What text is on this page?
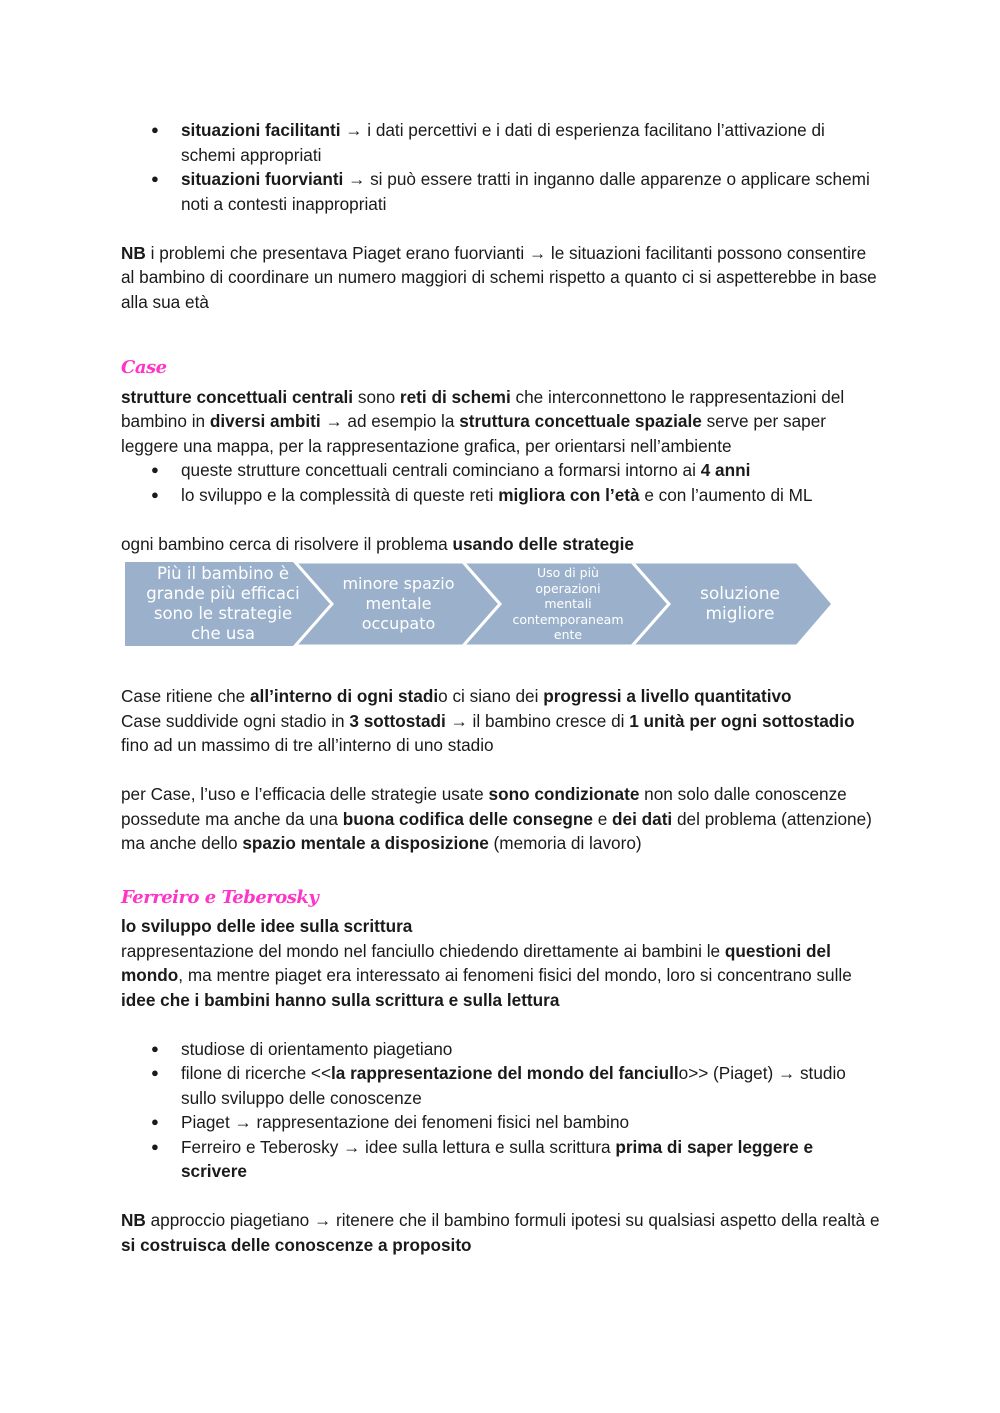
● situazioni facilitanti → i dati percettivi e i dati di esperienza facilitano l’attivazione di schemi appropriati
● situazioni fuorvianti → si può essere tratti in inganno dalle apparenze o applicare schemi noti a contesti inappropriati

NB i problemi che presentava Piaget erano fuorvianti → le situazioni facilitanti possono consentire al bambino di coordinare un numero maggiori di schemi rispetto a quanto ci si aspetterebbe in base alla sua età

Case

strutture concettuali centrali sono reti di schemi che interconnettono le rappresentazioni del bambino in diversi ambiti → ad esempio la struttura concettuale spaziale serve per saper leggere una mappa, per la rappresentazione grafica, per orientarsi nell’ambiente

● queste strutture concettuali centrali cominciano a formarsi intorno ai 4 anni
● lo sviluppo e la complessità di queste reti migliora con l’età e con l’aumento di ML

ogni bambino cerca di risolvere il problema usando delle strategie

Più il bambino è
grande più efficaci
sono le strategie
che usa
minore spazio
mentale
occupato
Uso di più
operazioni
mentali
contemporaneam
ente
soluzione
migliore

Case ritiene che all’interno di ogni stadio ci siano dei progressi a livello quantitativo

Case suddivide ogni stadio in 3 sottostadi → il bambino cresce di 1 unità per ogni sottostadio fino ad un massimo di tre all’interno di uno stadio

per Case, l’uso e l’efficacia delle strategie usate sono condizionate non solo dalle conoscenze possedute ma anche da una buona codifica delle consegne e dei dati del problema (attenzione) ma anche dello spazio mentale a disposizione (memoria di lavoro)

Ferreiro e Teberosky

lo sviluppo delle idee sulla scrittura

rappresentazione del mondo nel fanciullo chiedendo direttamente ai bambini le questioni del mondo, ma mentre piaget era interessato ai fenomeni fisici del mondo, loro si concentrano sulle idee che i bambini hanno sulla scrittura e sulla lettura

● studiose di orientamento piagetiano
● filone di ricerche <<la rappresentazione del mondo del fanciullo>> (Piaget) → studio sullo sviluppo delle conoscenze
● Piaget → rappresentazione dei fenomeni fisici nel bambino
● Ferreiro e Teberosky → idee sulla lettura e sulla scrittura prima di saper leggere e scrivere

NB approccio piagetiano → ritenere che il bambino formuli ipotesi su qualsiasi aspetto della realtà e si costruisca delle conoscenze a proposito
